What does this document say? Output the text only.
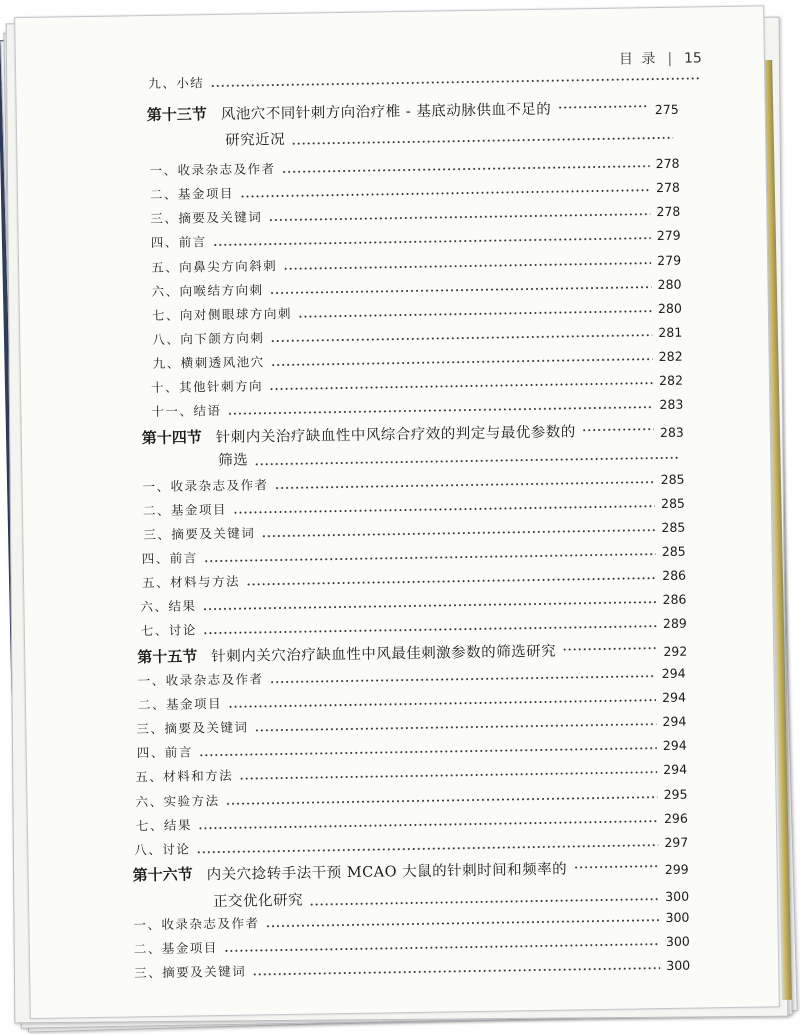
目 录 | 15
九、小结
第十三节 风池穴不同针刺方向治疗椎 - 基底动脉供血不足的	275
研究近况
一、收录杂志及作者	278
二、基金项目	278
三、摘要及关键词	278
四、前言	279
五、向鼻尖方向斜刺	279
六、向喉结方向刺	280
七、向对侧眼球方向刺	280
八、向下颌方向刺	281
九、横刺透风池穴	282
十、其他针刺方向	282
十一、结语	283
第十四节 针刺内关治疗缺血性中风综合疗效的判定与最优参数的	283
筛选
一、收录杂志及作者	285
二、基金项目	285
三、摘要及关键词	285
四、前言	285
五、材料与方法	286
六、结果	286
七、讨论	289
第十五节 针刺内关穴治疗缺血性中风最佳刺激参数的筛选研究	292
一、收录杂志及作者	294
二、基金项目	294
三、摘要及关键词	294
四、前言	294
五、材料和方法	294
六、实验方法	295
七、结果	296
八、讨论	297
第十六节 内关穴捻转手法干预 MCAO 大鼠的针刺时间和频率的	299
正交优化研究	300
一、收录杂志及作者	300
二、基金项目	300
三、摘要及关键词	300
